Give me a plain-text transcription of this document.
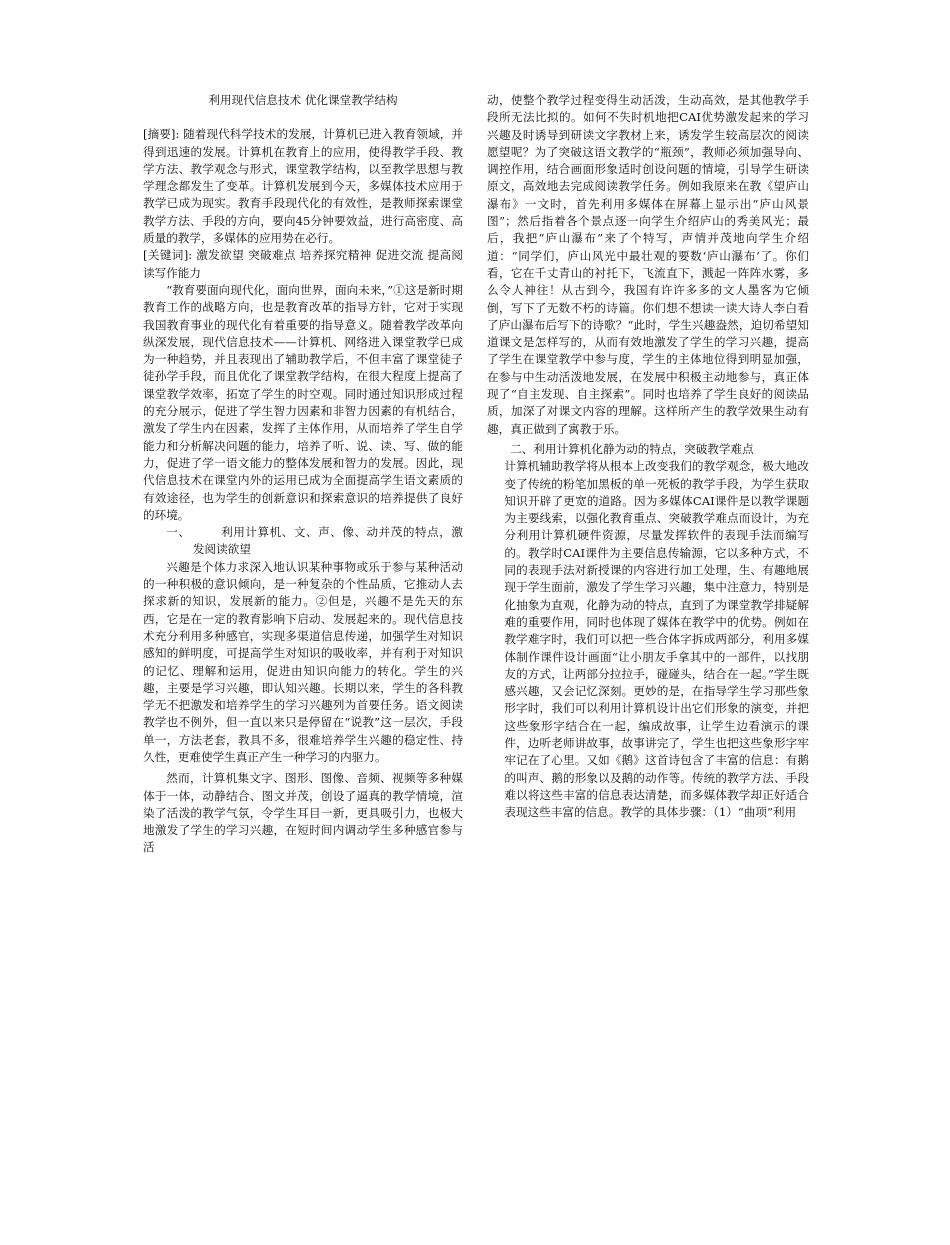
利用现代信息技术 优化课堂教学结构

[摘要]: 随着现代科学技术的发展，计算机已进入教育领域，并得到迅速的发展。计算机在教育上的应用，使得教学手段、教学方法、教学观念与形式，课堂教学结构，以至教学思想与教学理念都发生了变革。计算机发展到今天，多媒体技术应用于教学已成为现实。教育手段现代化的有效性，是教师探索课堂教学方法、手段的方向，要向45分钟要效益，进行高密度、高质量的教学，多媒体的应用势在必行。

[关键词]: 激发欲望 突破难点 培养探究精神 促进交流 提高阅读写作能力

“教育要面向现代化，面向世界，面向未来，”①这是新时期教育工作的战略方向，也是教育改革的指导方针，它对于实现我国教育事业的现代化有着重要的指导意义。随着教学改革向纵深发展，现代信息技术——计算机、网络进入课堂教学已成为一种趋势，并且表现出了辅助教学后，不但丰富了课堂徒子徒孙学手段，而且优化了课堂教学结构，在很大程度上提高了课堂教学效率，拓宽了学生的时空观。同时通过知识形成过程的充分展示，促进了学生智力因素和非智力因素的有机结合，激发了学生内在因素，发挥了主体作用，从而培养了学生自学能力和分析解决问题的能力，培养了听、说、读、写、做的能力，促进了学一语文能力的整体发展和智力的发展。因此，现代信息技术在课堂内外的运用已成为全面提高学生语文素质的有效途径，也为学生的创新意识和探索意识的培养提供了良好的环境。

一、	利用计算机、文、声、像、动并茂的特点，激发阅读欲望

兴趣是个体力求深入地认识某种事物或乐于参与某种活动的一种积极的意识倾向，是一种复杂的个性品质，它推动人去探求新的知识，发展新的能力。②但是，兴趣不是先天的东西，它是在一定的教育影响下启动、发展起来的。现代信息技术充分利用多种感官，实现多渠道信息传递，加强学生对知识感知的鲜明度，可提高学生对知识的吸收率，并有利于对知识的记忆、理解和运用，促进由知识向能力的转化。学生的兴趣，主要是学习兴趣，即认知兴趣。长期以来，学生的各科教学无不把激发和培养学生的学习兴趣列为首要任务。语文阅读教学也不例外，但一直以来只是停留在“说教”这一层次，手段单一，方法老套，教具不多，很难培养学生兴趣的稳定性、持久性，更难使学生真正产生一种学习的内驱力。

然而，计算机集文字、图形、图像、音频、视频等多种媒体于一体，动静结合、图文并茂，创设了逼真的教学情境，渲染了活泼的教学气氛，令学生耳目一新，更具吸引力，也极大地激发了学生的学习兴趣，在短时间内调动学生多种感官参与活

动，使整个教学过程变得生动活泼，生动高效，是其他教学手段所无法比拟的。如何不失时机地把CAI优势激发起来的学习兴趣及时诱导到研读文字教材上来，诱发学生较高层次的阅读愿望呢？为了突破这语文教学的“瓶颈”，教师必须加强导向、调控作用，结合画面形象适时创设问题的情境，引导学生研读原文，高效地去完成阅读教学任务。例如我原来在教《望庐山瀑布》一文时，首先利用多媒体在屏幕上显示出“庐山风景图”；然后指着各个景点逐一向学生介绍庐山的秀美风光；最后，我把“庐山瀑布”来了个特写，声情并茂地向学生介绍道：“同学们，庐山风光中最壮观的要数‘庐山瀑布’了。你们看，它在千丈青山的衬托下，飞流直下，溅起一阵阵水雾，多么令人神往！从古到今，我国有许许多多的文人墨客为它倾倒，写下了无数不朽的诗篇。你们想不想读一读大诗人李白看了庐山瀑布后写下的诗歌？“此时，学生兴趣盎然，迫切希望知道课文是怎样写的，从而有效地激发了学生的学习兴趣，提高了学生在课堂教学中参与度，学生的主体地位得到明显加强，在参与中生动活泼地发展，在发展中积极主动地参与，真正体现了“自主发现、自主探索”。同时也培养了学生良好的阅读品质，加深了对课文内容的理解。这样所产生的教学效果生动有趣，真正做到了寓教于乐。

二、利用计算机化静为动的特点，突破教学难点

计算机辅助教学将从根本上改变我们的教学观念，极大地改变了传统的粉笔加黑板的单一死板的教学手段，为学生获取知识开辟了更宽的道路。因为多媒体CAI课件是以教学课题为主要线索，以强化教育重点、突破教学难点而设计，为充分利用计算机硬件资源，尽量发挥软件的表现手法而编写的。教学时CAI课件为主要信息传输源，它以多种方式，不同的表现手法对新授课的内容进行加工处理，生、有趣地展现于学生面前，激发了学生学习兴趣，集中注意力，特别是化抽象为直观，化静为动的特点，直到了为课堂教学排疑解难的重要作用，同时也体现了媒体在教学中的优势。例如在教学难字时，我们可以把一些合体字拆成两部分，利用多媒体制作课件设计画面“让小朋友手拿其中的一部件，以找朋友的方式，让两部分拉拉手，碰碰头，结合在一起。”学生既感兴趣，又会记忆深刻。更妙的是，在指导学生学习那些象形字时，我们可以利用计算机设计出它们形象的演变，并把这些象形字结合在一起，编成故事，让学生边看演示的课件，边听老师讲故事，故事讲完了，学生也把这些象形字牢牢记在了心里。又如《鹅》这首诗包含了丰富的信息：有鹅的叫声、鹅的形象以及鹅的动作等。传统的教学方法、手段难以将这些丰富的信息表达清楚，而多媒体教学却正好适合表现这些丰富的信息。教学的具体步骤：（1）“曲项”利用
